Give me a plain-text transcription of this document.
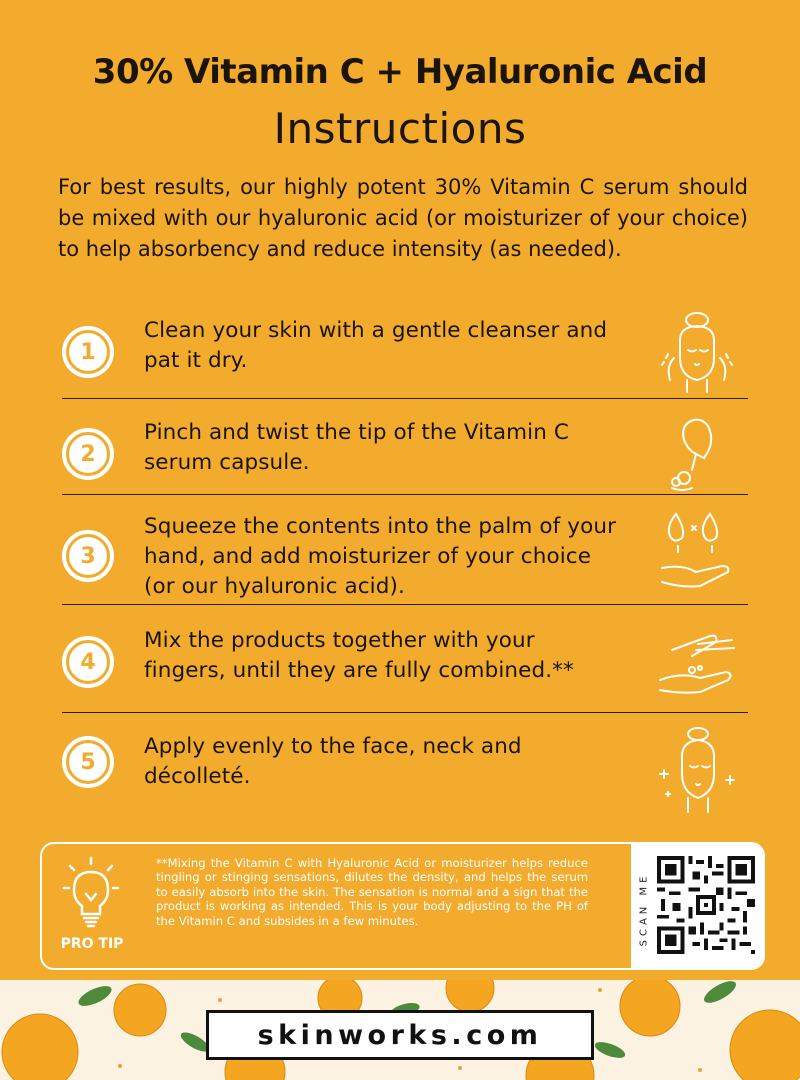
30% Vitamin C + Hyaluronic Acid
Instructions
For best results, our highly potent 30% Vitamin C serum should be mixed with our hyaluronic acid (or moisturizer of your choice) to help absorbency and reduce intensity (as needed).
1
Clean your skin with a gentle cleanser and pat it dry.
2
Pinch and twist the tip of the Vitamin C serum capsule.
3
Squeeze the contents into the palm of your hand, and add moisturizer of your choice (or our hyaluronic acid).
4
Mix the products together with your fingers, until they are fully combined.**
5
Apply evenly to the face, neck and décolleté.
PRO TIP
**Mixing the Vitamin C with Hyaluronic Acid or moisturizer helps reduce tingling or stinging sensations, dilutes the density, and helps the serum to easily absorb into the skin. The sensation is normal and a sign that the product is working as intended. This is your body adjusting to the PH of the Vitamin C and subsides in a few minutes.	SCAN ME
skinworks.com
